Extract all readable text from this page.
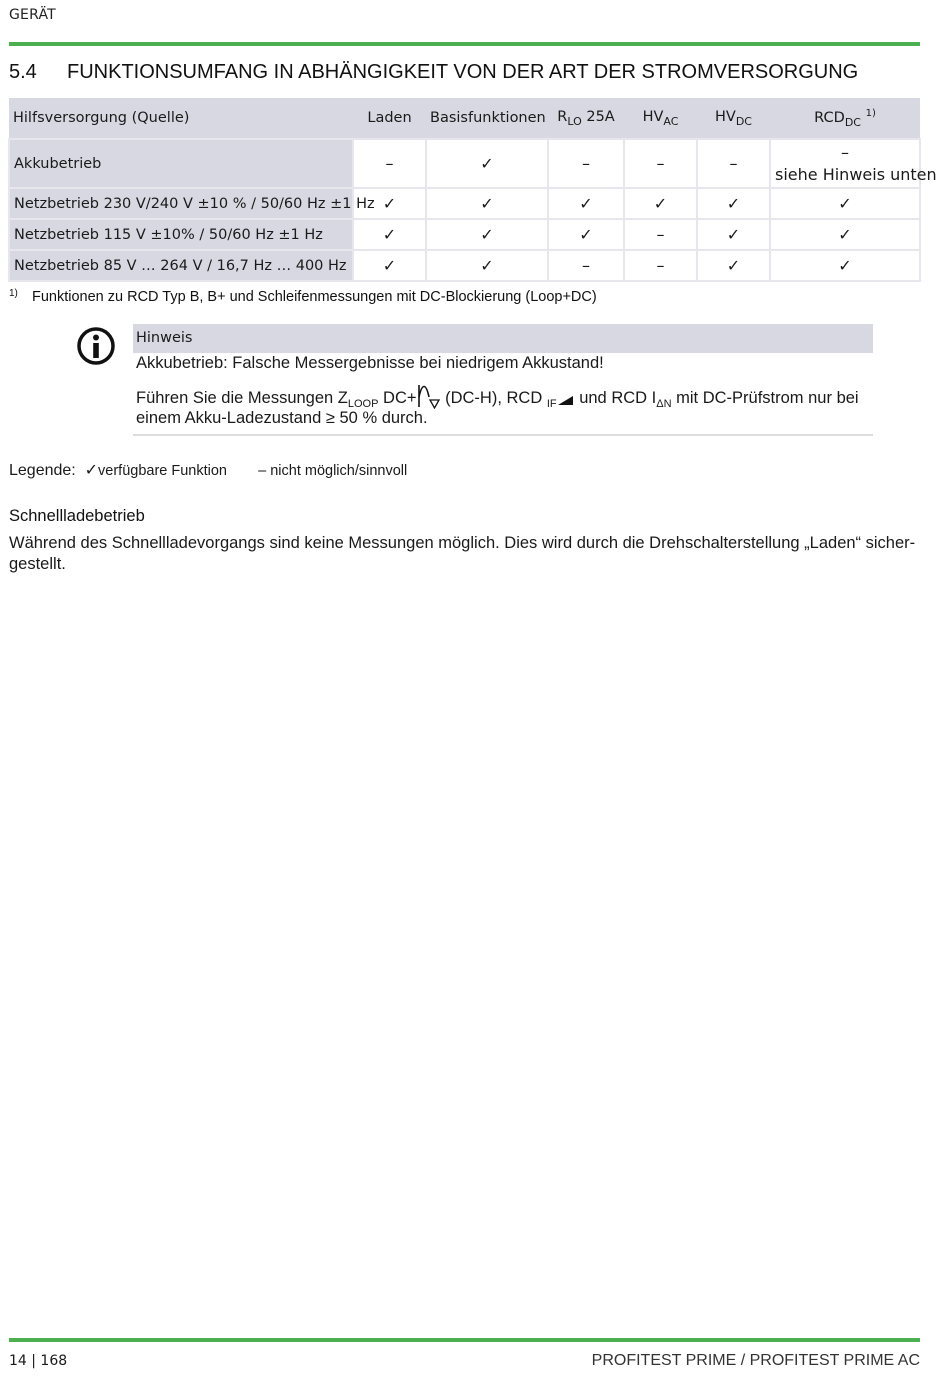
GERÄT
5.4 FUNKTIONSUMFANG IN ABHÄNGIGKEIT VON DER ART DER STROMVERSORGUNG
Hilfsversorgung (Quelle)	Laden	Basisfunktionen	$R_{LO}$ 25A	$HV_{AC}$	$HV_{DC}$	$RCD_{DC}$ $^{1)}$
Akkubetrieb	–	✓	–	–	–	–
siehe Hinweis unten

Netzbetrieb 230 V/240 V ±10 % / 50/60 Hz ±1 Hz	✓	✓	✓	✓	✓	✓
Netzbetrieb 115 V ±10% / 50/60 Hz ±1 Hz	✓	✓	✓	–	✓	✓
Netzbetrieb 85 V … 264 V / 16,7 Hz … 400 Hz	✓	✓	–	–	✓	✓
1) Funktionen zu RCD Typ B, B+ und Schleifenmessungen mit DC-Blockierung (Loop+DC)
Hinweis
Akkubetrieb: Falsche Messergebnisse bei niedrigem Akkustand!
Führen Sie die Messungen $Z_{LOOP}$ DC+ (DC-H), RCD $_{IF}$ und RCD $I_{\Delta N}$ mit DC-Prüfstrom nur bei
einem Akku-Ladezustand ≥ 50 % durch.
Legende: ✓verfügbare Funktion – nicht möglich/sinnvoll
Schnellladebetrieb
Während des Schnellladevorgangs sind keine Messungen möglich. Dies wird durch die Drehschalterstellung „Laden“ sicher-gestellt.
14 | 168	PROFITEST PRIME / PROFITEST PRIME AC
